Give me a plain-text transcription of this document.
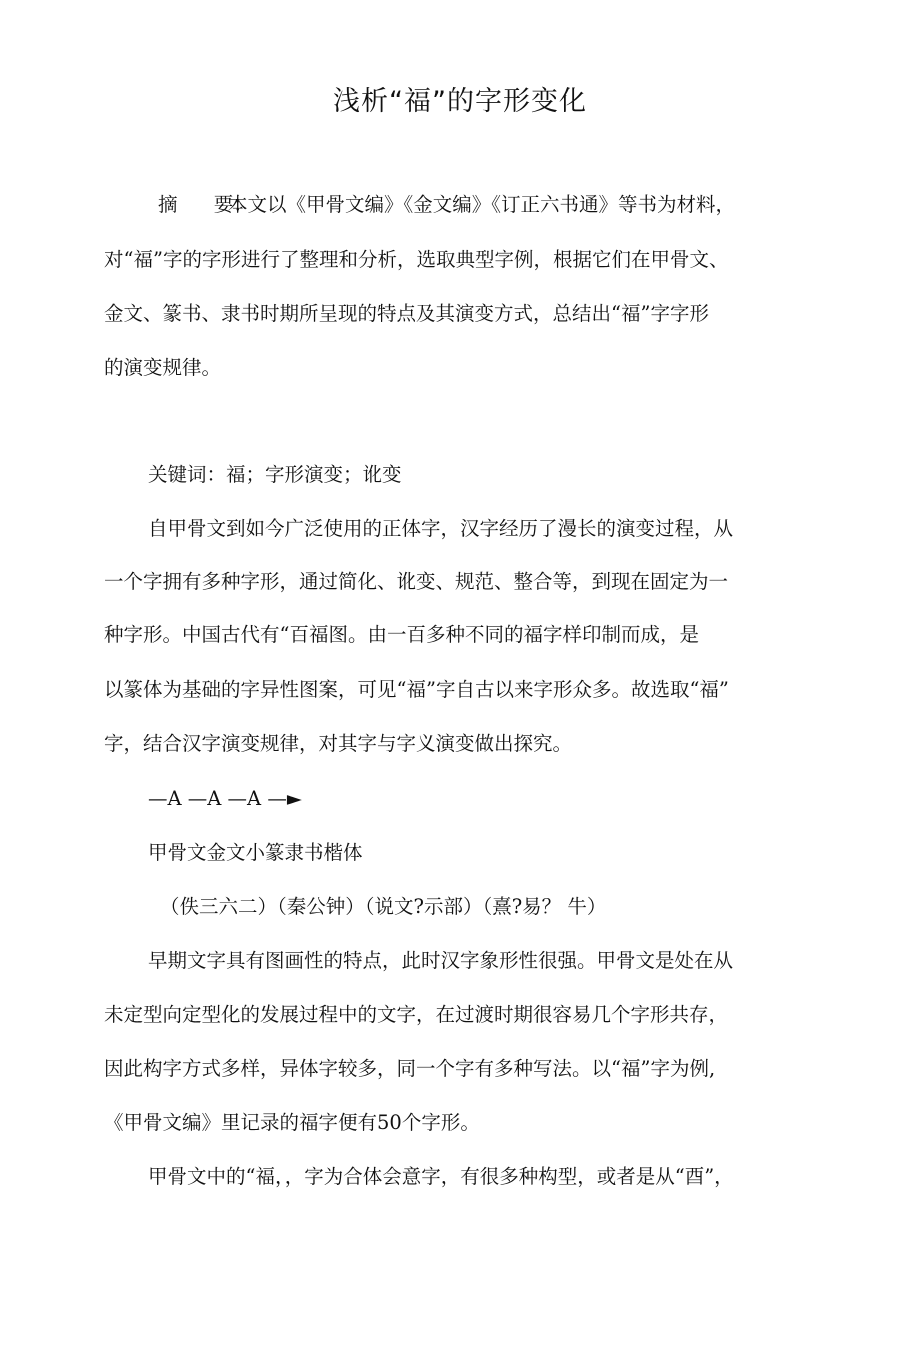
浅析“福”的字形变化
摘 要：
本文以《甲骨文编》《金文编》《订正六书通》等书为材料，
对“福”字的字形进行了整理和分析，选取典型字例，根据它们在甲骨文、
金文、篆书、隶书时期所呈现的特点及其演变方式，总结出“福”字字形
的演变规律。
关键词：福；字形演变；讹变
自甲骨文到如今广泛使用的正体字，汉字经历了漫长的演变过程，从
一个字拥有多种字形，通过简化、讹变、规范、整合等，到现在固定为一
种字形。中国古代有“百福图。由一百多种不同的福字样印制而成，是
以篆体为基础的字异性图案，可见“福”字自古以来字形众多。故选取“福”
字，结合汉字演变规律，对其字与字义演变做出探究。
—A —A —A —►
甲骨文金文小篆隶书楷体
（佚三六二）（秦公钟）（说文?示部）（熹?易？ 牛）
早期文字具有图画性的特点，此时汉字象形性很强。甲骨文是处在从
未定型向定型化的发展过程中的文字，在过渡时期很容易几个字形共存，
因此构字方式多样，异体字较多，同一个字有多种写法。以“福”字为例,
《甲骨文编》里记录的福字便有50个字形。
甲骨文中的“福，，字为合体会意字，有很多种构型，或者是从“酉”，
